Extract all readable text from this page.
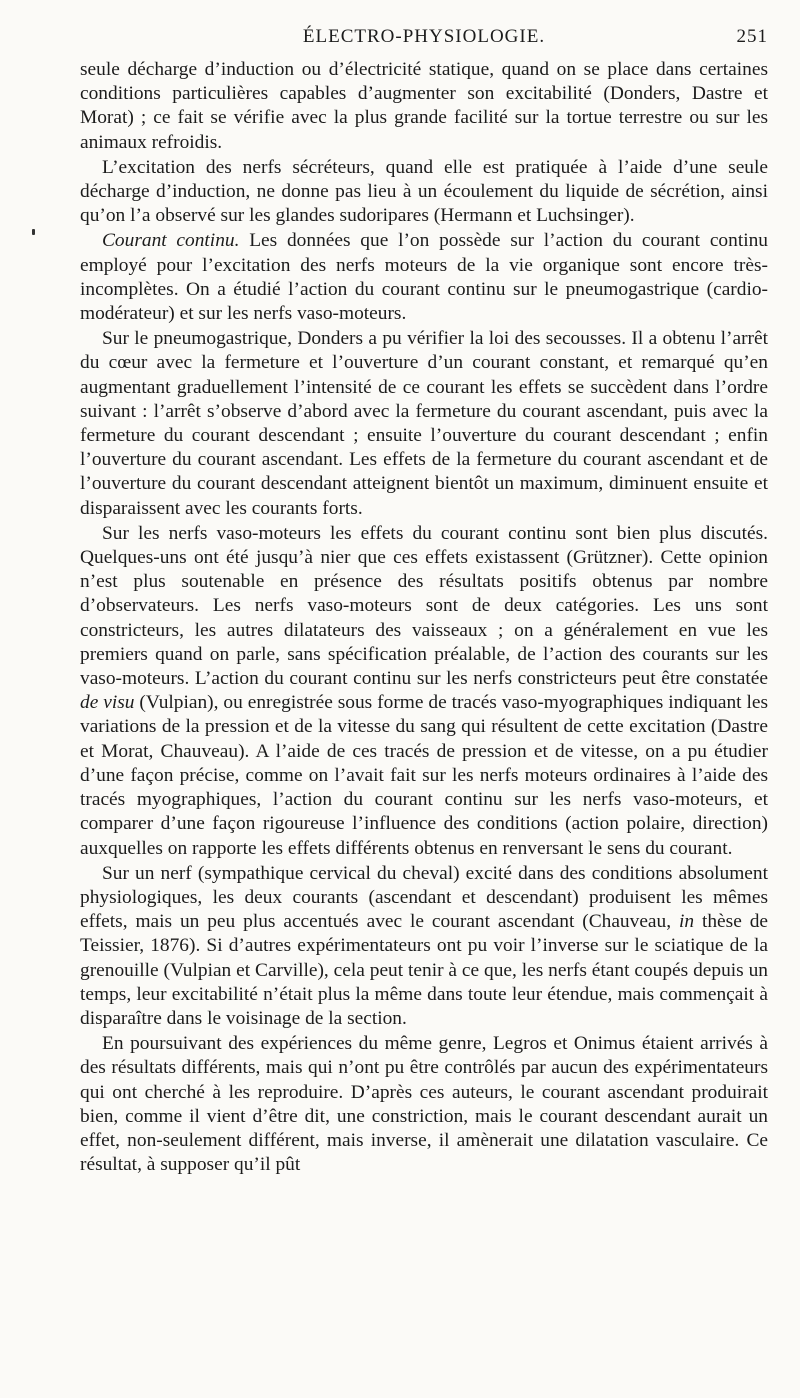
ÉLECTRO-PHYSIOLOGIE.	251

seule décharge d’induction ou d’électricité statique, quand on se place dans certaines conditions particulières capables d’augmenter son excitabilité (Donders, Dastre et Morat) ; ce fait se vérifie avec la plus grande facilité sur la tortue terrestre ou sur les animaux refroidis.

L’excitation des nerfs sécréteurs, quand elle est pratiquée à l’aide d’une seule décharge d’induction, ne donne pas lieu à un écoulement du liquide de sécrétion, ainsi qu’on l’a observé sur les glandes sudoripares (Hermann et Luchsinger).

Courant continu. Les données que l’on possède sur l’action du courant continu employé pour l’excitation des nerfs moteurs de la vie organique sont encore très-incomplètes. On a étudié l’action du courant continu sur le pneumogastrique (cardio-modérateur) et sur les nerfs vaso-moteurs.

Sur le pneumogastrique, Donders a pu vérifier la loi des secousses. Il a obtenu l’arrêt du cœur avec la fermeture et l’ouverture d’un courant constant, et remarqué qu’en augmentant graduellement l’intensité de ce courant les effets se succèdent dans l’ordre suivant : l’arrêt s’observe d’abord avec la fermeture du courant ascendant, puis avec la fermeture du courant descendant ; ensuite l’ouverture du courant descendant ; enfin l’ouverture du courant ascendant. Les effets de la fermeture du courant ascendant et de l’ouverture du courant descendant atteignent bientôt un maximum, diminuent ensuite et disparaissent avec les courants forts.

Sur les nerfs vaso-moteurs les effets du courant continu sont bien plus discutés. Quelques-uns ont été jusqu’à nier que ces effets existassent (Grützner). Cette opinion n’est plus soutenable en présence des résultats positifs obtenus par nombre d’observateurs. Les nerfs vaso-moteurs sont de deux catégories. Les uns sont constricteurs, les autres dilatateurs des vaisseaux ; on a généralement en vue les premiers quand on parle, sans spécification préalable, de l’action des courants sur les vaso-moteurs. L’action du courant continu sur les nerfs constricteurs peut être constatée de visu (Vulpian), ou enregistrée sous forme de tracés vaso-myographiques indiquant les variations de la pression et de la vitesse du sang qui résultent de cette excitation (Dastre et Morat, Chauveau). A l’aide de ces tracés de pression et de vitesse, on a pu étudier d’une façon précise, comme on l’avait fait sur les nerfs moteurs ordinaires à l’aide des tracés myographiques, l’action du courant continu sur les nerfs vaso-moteurs, et comparer d’une façon rigoureuse l’influence des conditions (action polaire, direction) auxquelles on rapporte les effets différents obtenus en renversant le sens du courant.

Sur un nerf (sympathique cervical du cheval) excité dans des conditions absolument physiologiques, les deux courants (ascendant et descendant) produisent les mêmes effets, mais un peu plus accentués avec le courant ascendant (Chauveau, in thèse de Teissier, 1876). Si d’autres expérimentateurs ont pu voir l’inverse sur le sciatique de la grenouille (Vulpian et Carville), cela peut tenir à ce que, les nerfs étant coupés depuis un temps, leur excitabilité n’était plus la même dans toute leur étendue, mais commençait à disparaître dans le voisinage de la section.

En poursuivant des expériences du même genre, Legros et Onimus étaient arrivés à des résultats différents, mais qui n’ont pu être contrôlés par aucun des expérimentateurs qui ont cherché à les reproduire. D’après ces auteurs, le courant ascendant produirait bien, comme il vient d’être dit, une constriction, mais le courant descendant aurait un effet, non-seulement différent, mais inverse, il amènerait une dilatation vasculaire. Ce résultat, à supposer qu’il pût
